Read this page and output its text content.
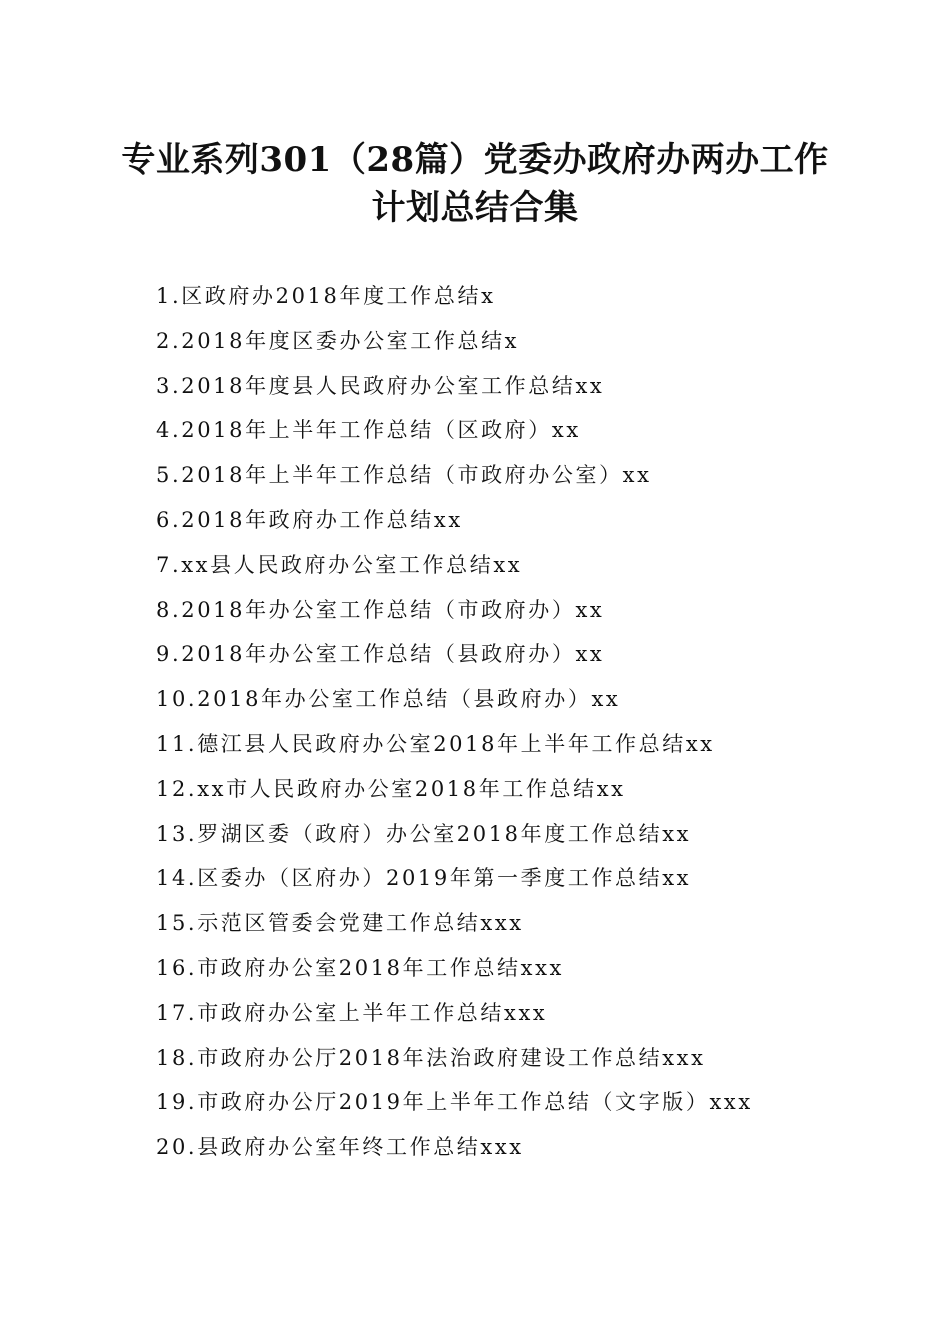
专业系列301（28篇）党委办政府办两办工作
计划总结合集
1.区政府办2018年度工作总结x
2.2018年度区委办公室工作总结x
3.2018年度县人民政府办公室工作总结xx
4.2018年上半年工作总结（区政府）xx
5.2018年上半年工作总结（市政府办公室）xx
6.2018年政府办工作总结xx
7.xx县人民政府办公室工作总结xx
8.2018年办公室工作总结（市政府办）xx
9.2018年办公室工作总结（县政府办）xx
10.2018年办公室工作总结（县政府办）xx
11.德江县人民政府办公室2018年上半年工作总结xx
12.xx市人民政府办公室2018年工作总结xx
13.罗湖区委（政府）办公室2018年度工作总结xx
14.区委办（区府办）2019年第一季度工作总结xx
15.示范区管委会党建工作总结xxx
16.市政府办公室2018年工作总结xxx
17.市政府办公室上半年工作总结xxx
18.市政府办公厅2018年法治政府建设工作总结xxx
19.市政府办公厅2019年上半年工作总结（文字版）xxx
20.县政府办公室年终工作总结xxx
